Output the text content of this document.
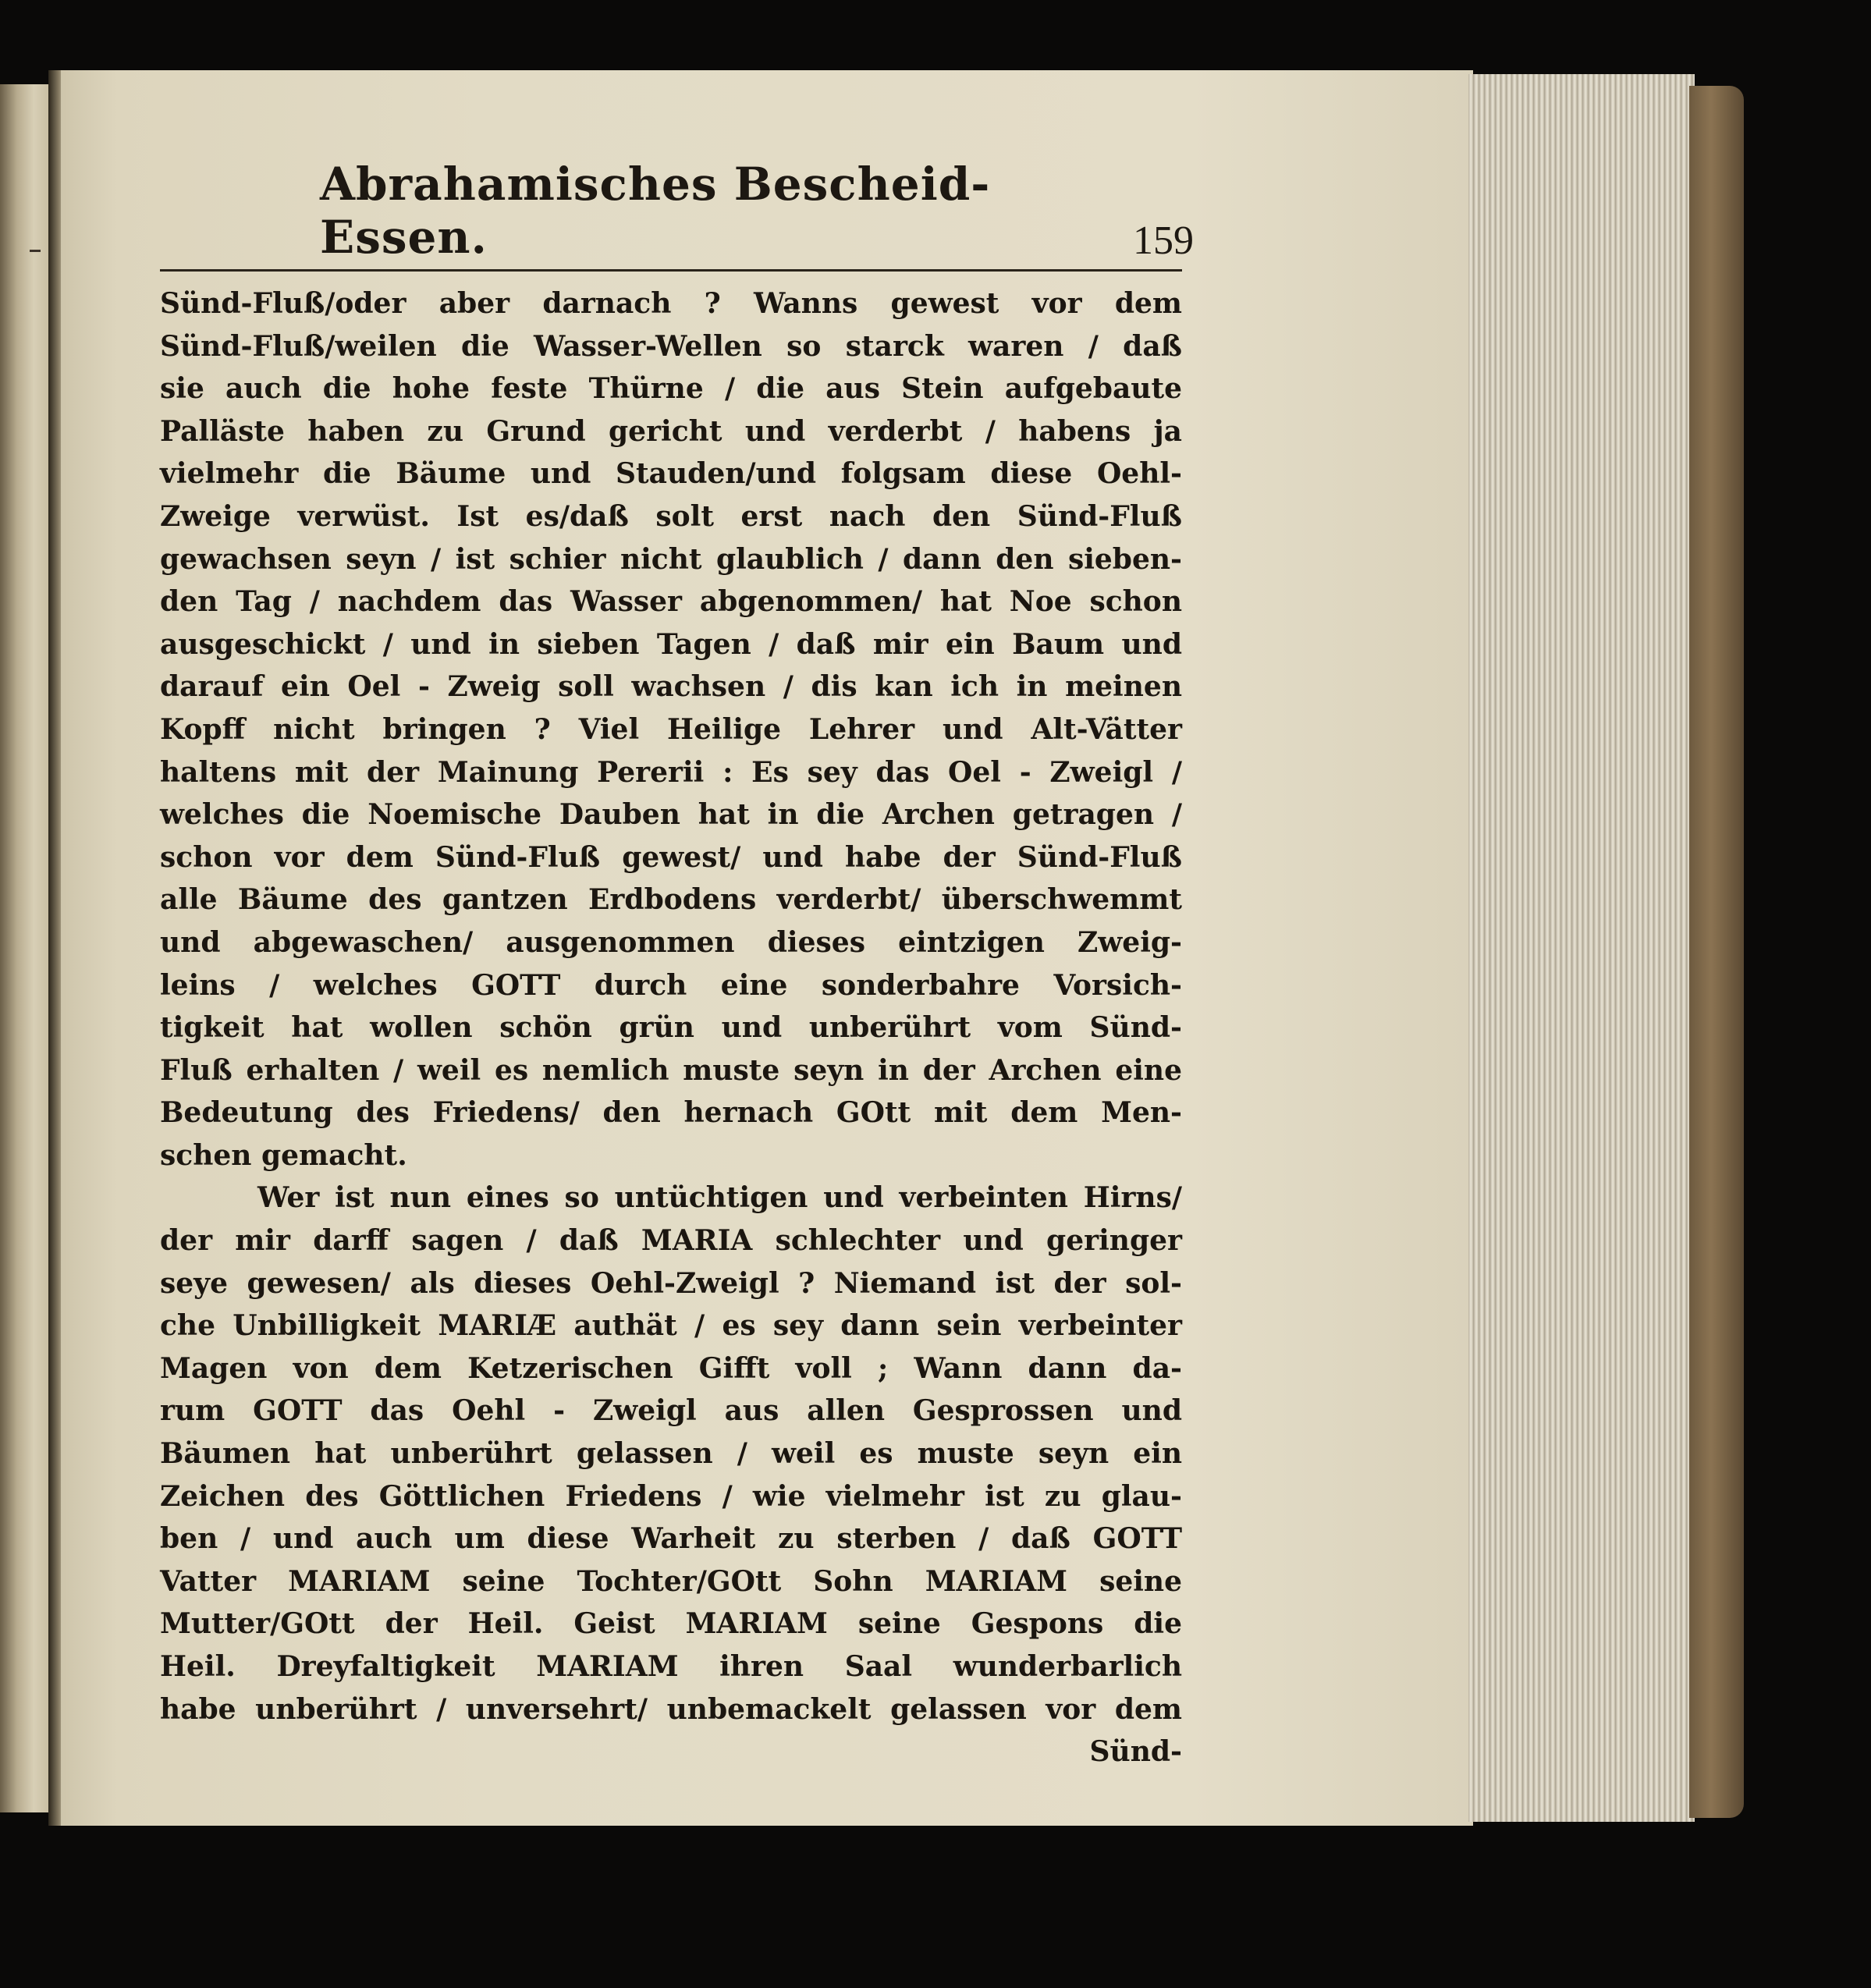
Abrahamisches Bescheid-Essen.	159
Sünd-Fluß/oder aber darnach ? Wanns gewest vor dem
Sünd-Fluß/weilen die Wasser-Wellen so starck waren / daß
sie auch die hohe feste Thürne / die aus Stein aufgebaute
Palläste haben zu Grund gericht und verderbt / habens ja
vielmehr die Bäume und Stauden/und folgsam diese Oehl-
Zweige verwüst. Ist es/daß solt erst nach den Sünd-Fluß
gewachsen seyn / ist schier nicht glaublich / dann den sieben-
den Tag / nachdem das Wasser abgenommen/ hat Noe schon
ausgeschickt / und in sieben Tagen / daß mir ein Baum und
darauf ein Oel - Zweig soll wachsen / dis kan ich in meinen
Kopff nicht bringen ? Viel Heilige Lehrer und Alt-Vätter
haltens mit der Mainung Pererii : Es sey das Oel - Zweigl /
welches die Noemische Dauben hat in die Archen getragen /
schon vor dem Sünd-Fluß gewest/ und habe der Sünd-Fluß
alle Bäume des gantzen Erdbodens verderbt/ überschwemmt
und abgewaschen/ ausgenommen dieses eintzigen Zweig-
leins / welches GOTT durch eine sonderbahre Vorsich-
tigkeit hat wollen schön grün und unberührt vom Sünd-
Fluß erhalten / weil es nemlich muste seyn in der Archen eine
Bedeutung des Friedens/ den hernach GOtt mit dem Men-
schen gemacht.
Wer ist nun eines so untüchtigen und verbeinten Hirns/
der mir darff sagen / daß MARIA schlechter und geringer
seye gewesen/ als dieses Oehl-Zweigl ? Niemand ist der sol-
che Unbilligkeit MARIÆ authät / es sey dann sein verbeinter
Magen von dem Ketzerischen Gifft voll ; Wann dann da-
rum GOTT das Oehl - Zweigl aus allen Gesprossen und
Bäumen hat unberührt gelassen / weil es muste seyn ein
Zeichen des Göttlichen Friedens / wie vielmehr ist zu glau-
ben / und auch um diese Warheit zu sterben / daß GOTT
Vatter MARIAM seine Tochter/GOtt Sohn MARIAM seine
Mutter/GOtt der Heil. Geist MARIAM seine Gespons die
Heil. Dreyfaltigkeit MARIAM ihren Saal wunderbarlich
habe unberührt / unversehrt/ unbemackelt gelassen vor dem
Sünd-
